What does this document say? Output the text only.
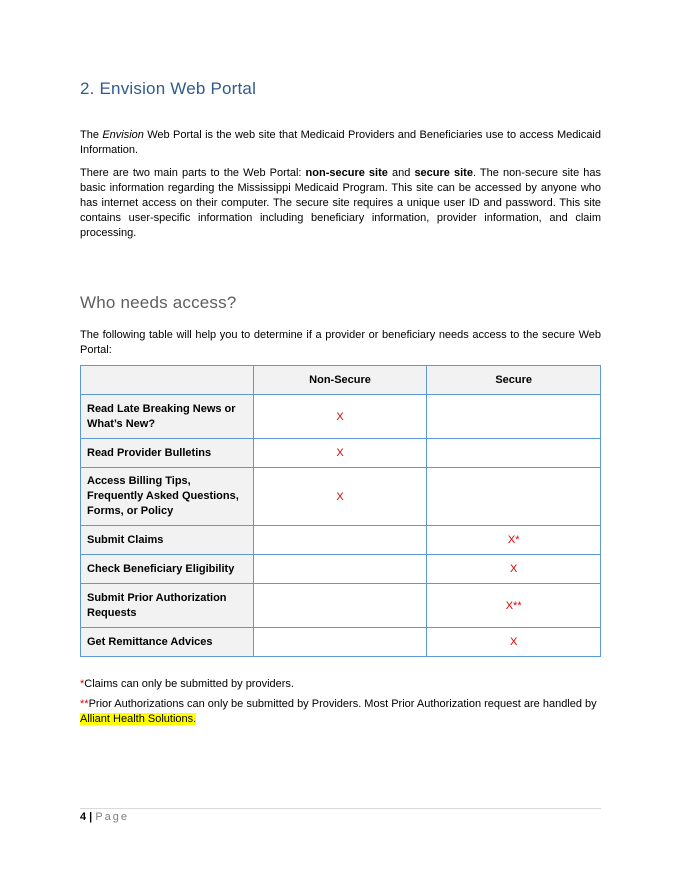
2. Envision Web Portal

The Envision Web Portal is the web site that Medicaid Providers and Beneficiaries use to access Medicaid Information.

There are two main parts to the Web Portal: non-secure site and secure site. The non-secure site has basic information regarding the Mississippi Medicaid Program. This site can be accessed by anyone who has internet access on their computer. The secure site requires a unique user ID and password. This site contains user-specific information including beneficiary information, provider information, and claim processing.

Who needs access?

The following table will help you to determine if a provider or beneficiary needs access to the secure Web Portal:

	Non-Secure	Secure
Read Late Breaking News or What’s New?	X	
Read Provider Bulletins	X	
Access Billing Tips, Frequently Asked Questions, Forms, or Policy	X	
Submit Claims		X*
Check Beneficiary Eligibility		X
Submit Prior Authorization Requests		X**
Get Remittance Advices		X

*Claims can only be submitted by providers.

**Prior Authorizations can only be submitted by Providers. Most Prior Authorization request are handled by Alliant Health Solutions.

4 | Page
